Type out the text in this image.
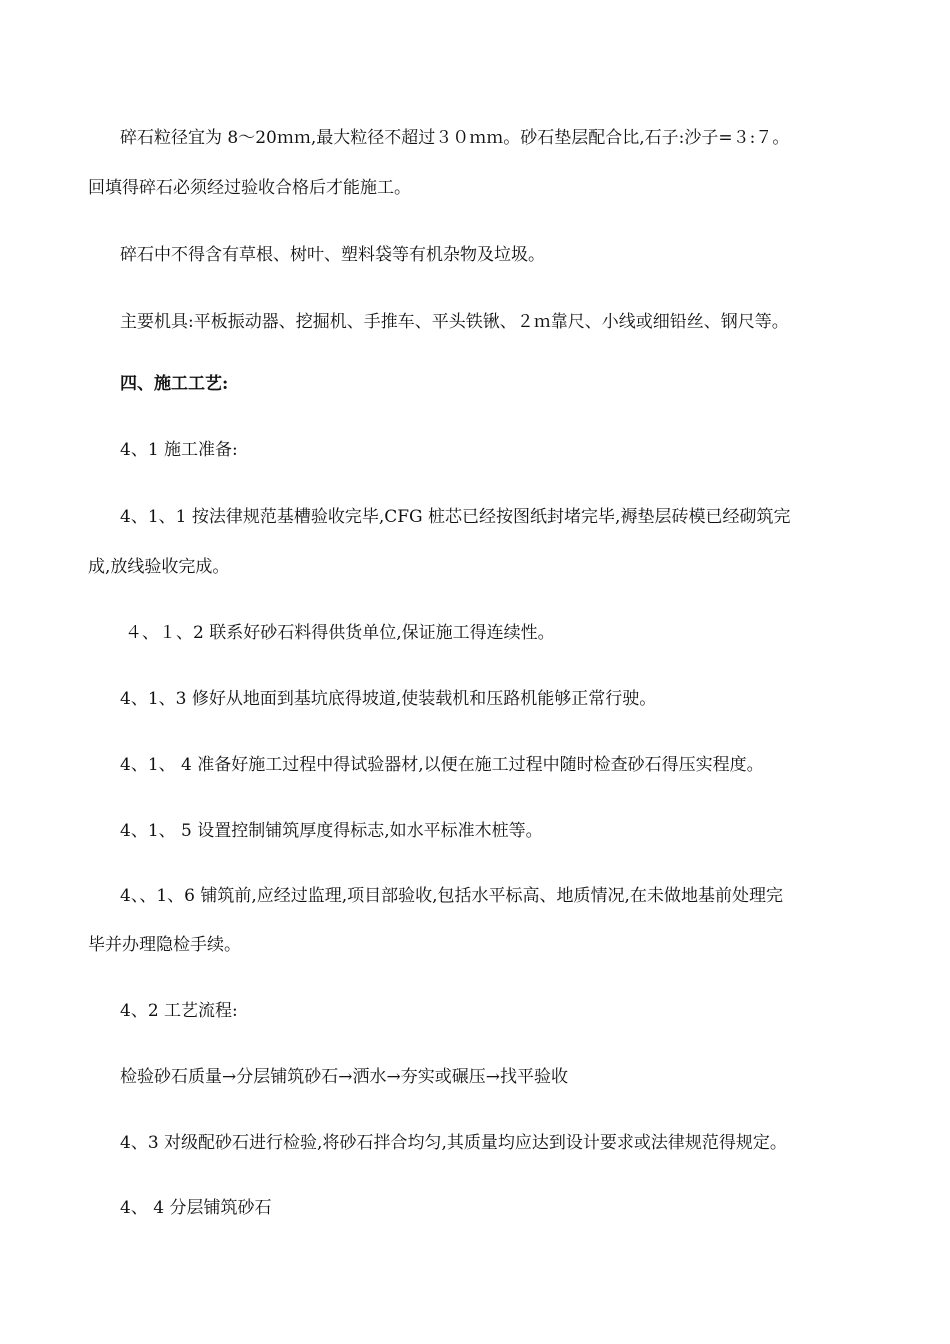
碎石粒径宜为 8～20ｍｍ,最大粒径不超过３０ｍｍ。砂石垫层配合比,石子:沙子=３:７。
回填得碎石必须经过验收合格后才能施工。
碎石中不得含有草根、树叶、塑料袋等有机杂物及垃圾。
主要机具:平板振动器、挖掘机、手推车、平头铁锹、２ｍ靠尺、小线或细铅丝、钢尺等。
四、施工工艺:
4、1 施工准备:
4、1、1 按法律规范基槽验收完毕,CFG 桩芯已经按图纸封堵完毕,褥垫层砖模已经砌筑完
成,放线验收完成。
４、１、2 联系好砂石料得供货单位,保证施工得连续性。
4、1、3 修好从地面到基坑底得坡道,使装载机和压路机能够正常行驶。
4、1、 4 准备好施工过程中得试验器材,以便在施工过程中随时检查砂石得压实程度。
4、1、 5 设置控制铺筑厚度得标志,如水平标准木桩等。
4、、1、6 铺筑前,应经过监理,项目部验收,包括水平标高、地质情况,在未做地基前处理完
毕并办理隐检手续。
4、2 工艺流程:
检验砂石质量→分层铺筑砂石→洒水→夯实或碾压→找平验收
4、3 对级配砂石进行检验,将砂石拌合均匀,其质量均应达到设计要求或法律规范得规定。
4、 4 分层铺筑砂石
